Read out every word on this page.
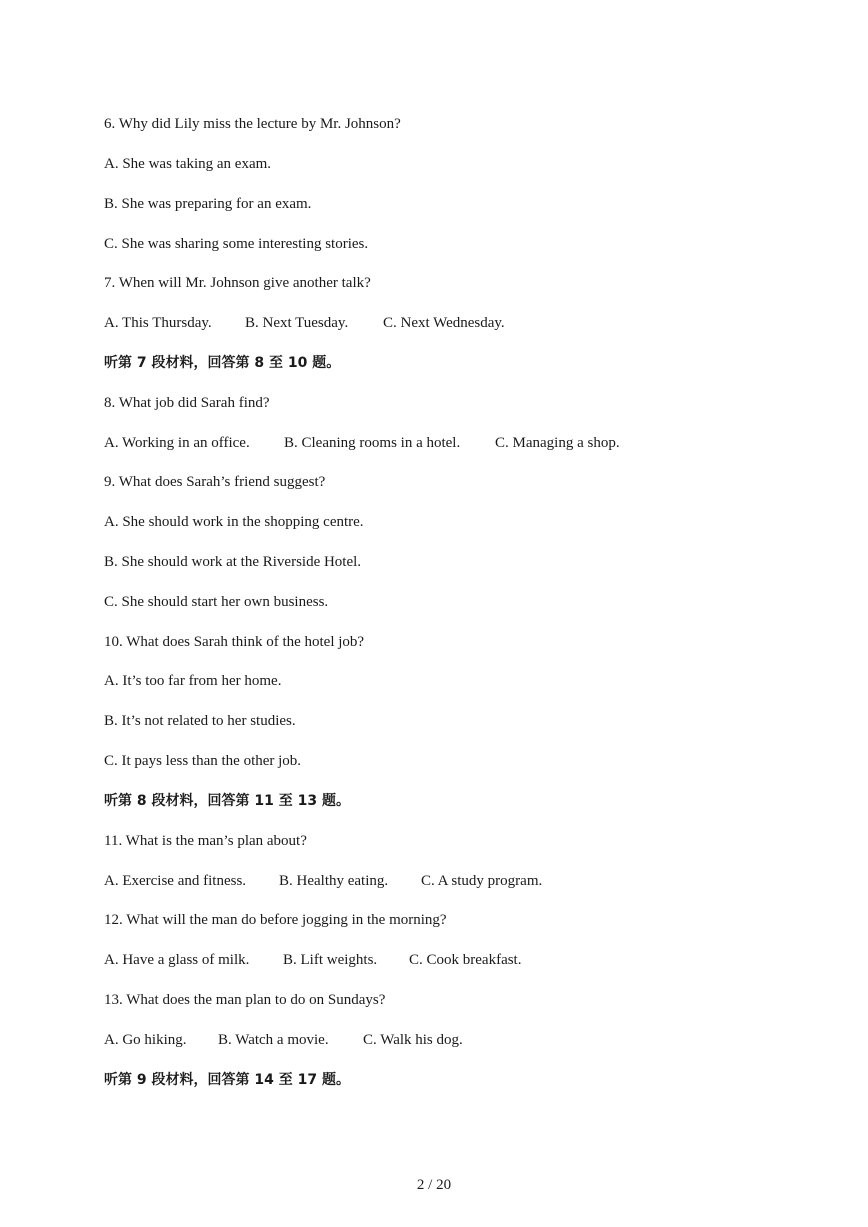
6. Why did Lily miss the lecture by Mr. Johnson?
A. She was taking an exam.
B. She was preparing for an exam.
C. She was sharing some interesting stories.
7. When will Mr. Johnson give another talk?
A. This Thursday. B. Next Tuesday. C. Next Wednesday.
听第 7 段材料，回答第 8 至 10 题。
8. What job did Sarah find?
A. Working in an office. B. Cleaning rooms in a hotel. C. Managing a shop.
9. What does Sarah’s friend suggest?
A. She should work in the shopping centre.
B. She should work at the Riverside Hotel.
C. She should start her own business.
10. What does Sarah think of the hotel job?
A. It’s too far from her home.
B. It’s not related to her studies.
C. It pays less than the other job.
听第 8 段材料，回答第 11 至 13 题。
11. What is the man’s plan about?
A. Exercise and fitness. B. Healthy eating. C. A study program.
12. What will the man do before jogging in the morning?
A. Have a glass of milk. B. Lift weights. C. Cook breakfast.
13. What does the man plan to do on Sundays?
A. Go hiking. B. Watch a movie. C. Walk his dog.
听第 9 段材料，回答第 14 至 17 题。
2 / 20
